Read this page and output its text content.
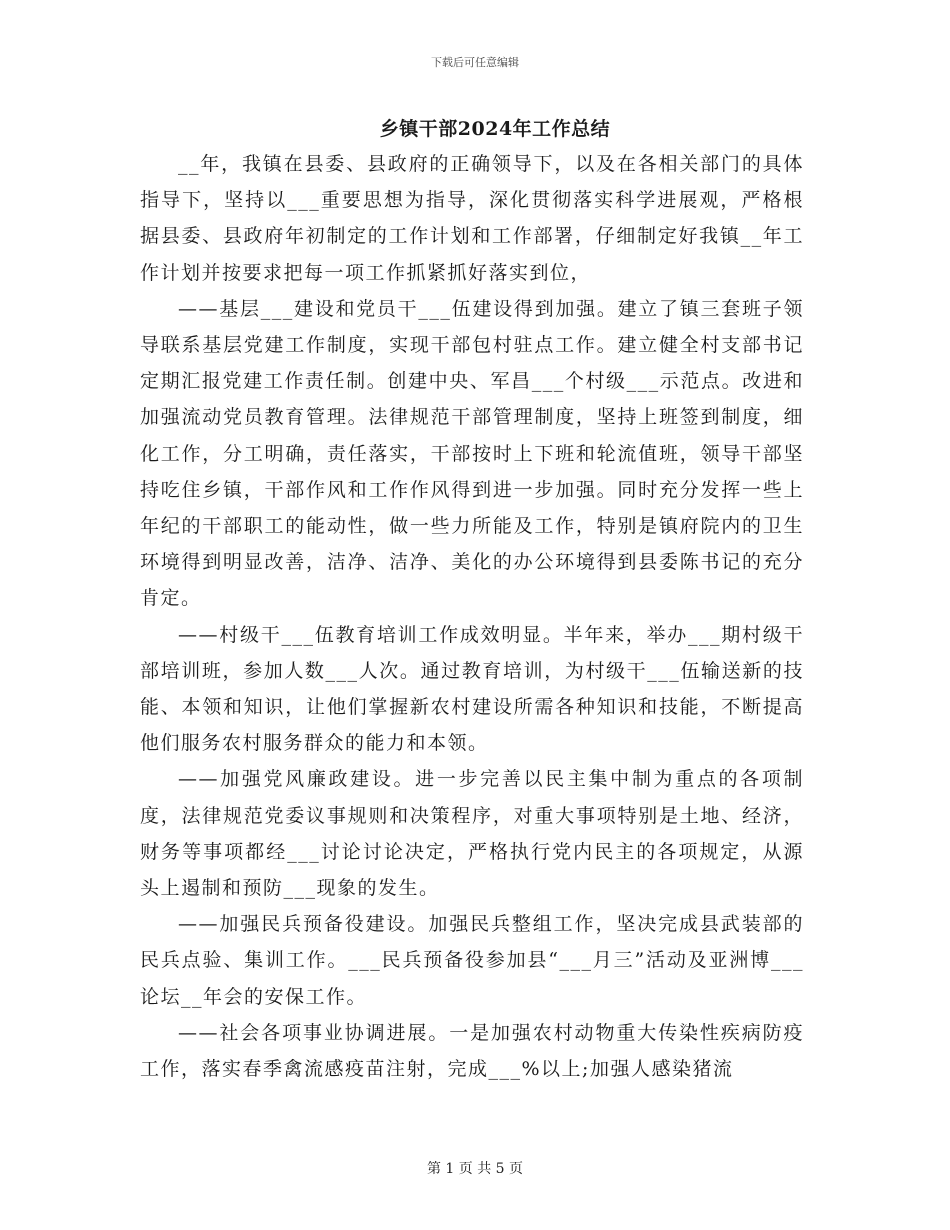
下载后可任意编辑
乡镇干部2024年工作总结

__年，我镇在县委、县政府的正确领导下，以及在各相关部门的具体指导下，坚持以___重要思想为指导，深化贯彻落实科学进展观，严格根据县委、县政府年初制定的工作计划和工作部署，仔细制定好我镇__年工作计划并按要求把每一项工作抓紧抓好落实到位，

——基层___建设和党员干___伍建设得到加强。建立了镇三套班子领导联系基层党建工作制度，实现干部包村驻点工作。建立健全村支部书记定期汇报党建工作责任制。创建中央、军昌___个村级___示范点。改进和加强流动党员教育管理。法律规范干部管理制度，坚持上班签到制度，细化工作，分工明确，责任落实，干部按时上下班和轮流值班，领导干部坚持吃住乡镇，干部作风和工作作风得到进一步加强。同时充分发挥一些上年纪的干部职工的能动性，做一些力所能及工作，特别是镇府院内的卫生环境得到明显改善，洁净、洁净、美化的办公环境得到县委陈书记的充分肯定。

——村级干___伍教育培训工作成效明显。半年来，举办___期村级干部培训班，参加人数___人次。通过教育培训，为村级干___伍输送新的技能、本领和知识，让他们掌握新农村建设所需各种知识和技能，不断提高他们服务农村服务群众的能力和本领。

——加强党风廉政建设。进一步完善以民主集中制为重点的各项制度，法律规范党委议事规则和决策程序，对重大事项特别是土地、经济，财务等事项都经___讨论讨论决定，严格执行党内民主的各项规定，从源头上遏制和预防___现象的发生。

——加强民兵预备役建设。加强民兵整组工作，坚决完成县武装部的民兵点验、集训工作。___民兵预备役参加县“___月三”活动及亚洲博___论坛__年会的安保工作。

——社会各项事业协调进展。一是加强农村动物重大传染性疾病防疫工作，落实春季禽流感疫苗注射，完成___%以上;加强人感染猪流

第 1 页 共 5 页
